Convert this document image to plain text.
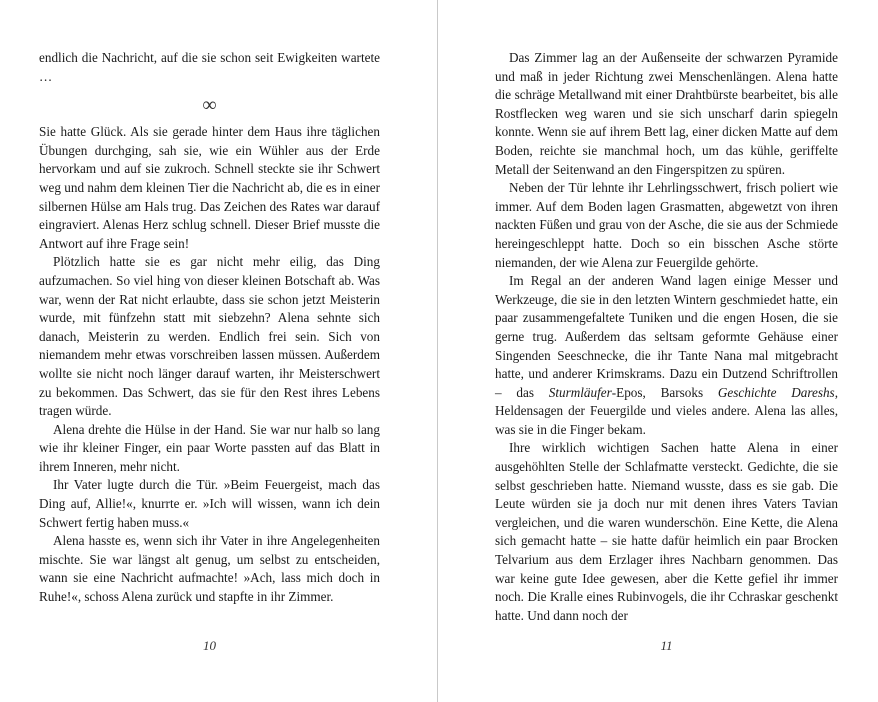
endlich die Nachricht, auf die sie schon seit Ewigkeiten wartete …

∞

Sie hatte Glück. Als sie gerade hinter dem Haus ihre täglichen Übungen durchging, sah sie, wie ein Wühler aus der Erde hervorkam und auf sie zukroch. Schnell steckte sie ihr Schwert weg und nahm dem kleinen Tier die Nachricht ab, die es in einer silbernen Hülse am Hals trug. Das Zeichen des Rates war darauf eingraviert. Alenas Herz schlug schnell. Dieser Brief musste die Antwort auf ihre Frage sein!

Plötzlich hatte sie es gar nicht mehr eilig, das Ding aufzumachen. So viel hing von dieser kleinen Botschaft ab. Was war, wenn der Rat nicht erlaubte, dass sie schon jetzt Meisterin wurde, mit fünfzehn statt mit siebzehn? Alena sehnte sich danach, Meisterin zu werden. Endlich frei sein. Sich von niemandem mehr etwas vorschreiben lassen müssen. Außerdem wollte sie nicht noch länger darauf warten, ihr Meisterschwert zu bekommen. Das Schwert, das sie für den Rest ihres Lebens tragen würde.

Alena drehte die Hülse in der Hand. Sie war nur halb so lang wie ihr kleiner Finger, ein paar Worte passten auf das Blatt in ihrem Inneren, mehr nicht.

Ihr Vater lugte durch die Tür. »Beim Feuergeist, mach das Ding auf, Allie!«, knurrte er. »Ich will wissen, wann ich dein Schwert fertig haben muss.«

Alena hasste es, wenn sich ihr Vater in ihre Angelegenheiten mischte. Sie war längst alt genug, um selbst zu entscheiden, wann sie eine Nachricht aufmachte! »Ach, lass mich doch in Ruhe!«, schoss Alena zurück und stapfte in ihr Zimmer.

10

Das Zimmer lag an der Außenseite der schwarzen Pyramide und maß in jeder Richtung zwei Menschenlängen. Alena hatte die schräge Metallwand mit einer Drahtbürste bearbeitet, bis alle Rostflecken weg waren und sie sich unscharf darin spiegeln konnte. Wenn sie auf ihrem Bett lag, einer dicken Matte auf dem Boden, reichte sie manchmal hoch, um das kühle, geriffelte Metall der Seitenwand an den Fingerspitzen zu spüren.

Neben der Tür lehnte ihr Lehrlingsschwert, frisch poliert wie immer. Auf dem Boden lagen Grasmatten, abgewetzt von ihren nackten Füßen und grau von der Asche, die sie aus der Schmiede hereingeschleppt hatte. Doch so ein bisschen Asche störte niemanden, der wie Alena zur Feuergilde gehörte.

Im Regal an der anderen Wand lagen einige Messer und Werkzeuge, die sie in den letzten Wintern geschmiedet hatte, ein paar zusammengefaltete Tuniken und die engen Hosen, die sie gerne trug. Außerdem das seltsam geformte Gehäuse einer Singenden Seeschnecke, die ihr Tante Nana mal mitgebracht hatte, und anderer Krimskrams. Dazu ein Dutzend Schriftrollen – das Sturmläufer-Epos, Barsoks Geschichte Dareshs, Heldensagen der Feuergilde und vieles andere. Alena las alles, was sie in die Finger bekam.

Ihre wirklich wichtigen Sachen hatte Alena in einer ausgehöhlten Stelle der Schlafmatte versteckt. Gedichte, die sie selbst geschrieben hatte. Niemand wusste, dass es sie gab. Die Leute würden sie ja doch nur mit denen ihres Vaters Tavian vergleichen, und die waren wunderschön. Eine Kette, die Alena sich gemacht hatte – sie hatte dafür heimlich ein paar Brocken Telvarium aus dem Erzlager ihres Nachbarn genommen. Das war keine gute Idee gewesen, aber die Kette gefiel ihr immer noch. Die Kralle eines Rubinvogels, die ihr Cchraskar geschenkt hatte. Und dann noch der

11
